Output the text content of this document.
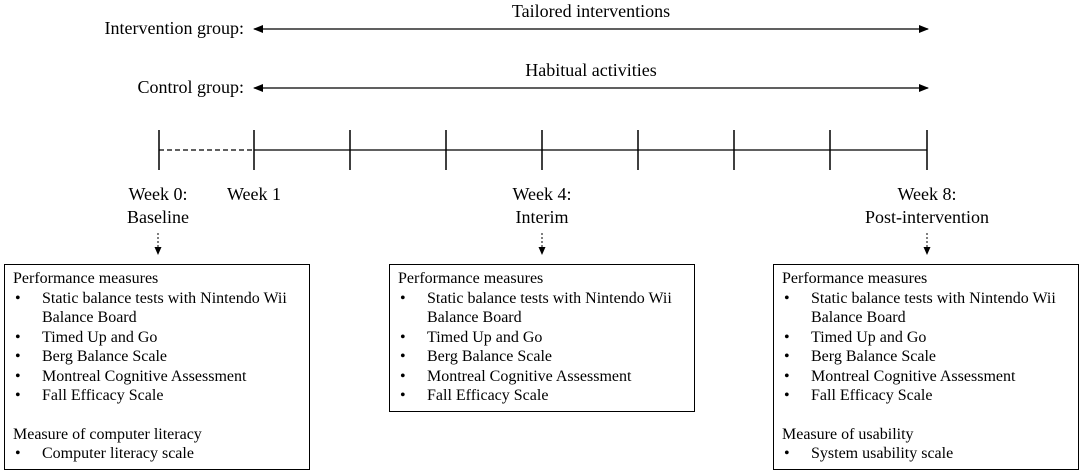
Intervention group:
Tailored interventions
Control group:
Habitual activities
Week 0:
Baseline
Week 1	Week 4:
Interim
Week 8:
Post-intervention
Performance measures
• Static balance tests with Nintendo Wii
Balance Board
• Timed Up and Go
• Berg Balance Scale
• Montreal Cognitive Assessment
• Fall Efficacy Scale
Measure of computer literacy
• Computer literacy scale
Performance measures
• Static balance tests with Nintendo Wii
Balance Board
• Timed Up and Go
• Berg Balance Scale
• Montreal Cognitive Assessment
• Fall Efficacy Scale
Performance measures
• Static balance tests with Nintendo Wii
Balance Board
• Timed Up and Go
• Berg Balance Scale
• Montreal Cognitive Assessment
• Fall Efficacy Scale
Measure of usability
• System usability scale
